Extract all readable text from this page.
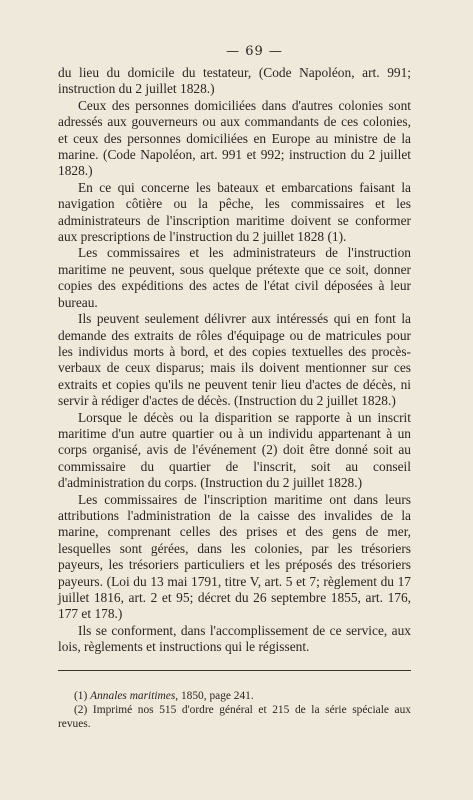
— 69 —

du lieu du domicile du testateur, (Code Napoléon, art. 991; instruction du 2 juillet 1828.)

Ceux des personnes domiciliées dans d'autres colonies sont adressés aux gouverneurs ou aux commandants de ces colonies, et ceux des personnes domiciliées en Europe au ministre de la marine. (Code Napoléon, art. 991 et 992; instruction du 2 juillet 1828.)

En ce qui concerne les bateaux et embarcations faisant la navigation côtière ou la pêche, les commissaires et les administrateurs de l'inscription maritime doivent se conformer aux prescriptions de l'instruction du 2 juillet 1828 (1).

Les commissaires et les administrateurs de l'instruction maritime ne peuvent, sous quelque prétexte que ce soit, donner copies des expéditions des actes de l'état civil déposées à leur bureau.

Ils peuvent seulement délivrer aux intéressés qui en font la demande des extraits de rôles d'équipage ou de matricules pour les individus morts à bord, et des copies textuelles des procès-verbaux de ceux disparus; mais ils doivent mentionner sur ces extraits et copies qu'ils ne peuvent tenir lieu d'actes de décès, ni servir à rédiger d'actes de décès. (Instruction du 2 juillet 1828.)

Lorsque le décès ou la disparition se rapporte à un inscrit maritime d'un autre quartier ou à un individu appartenant à un corps organisé, avis de l'événement (2) doit être donné soit au commissaire du quartier de l'inscrit, soit au conseil d'administration du corps. (Instruction du 2 juillet 1828.)

Les commissaires de l'inscription maritime ont dans leurs attributions l'administration de la caisse des invalides de la marine, comprenant celles des prises et des gens de mer, lesquelles sont gérées, dans les colonies, par les trésoriers payeurs, les trésoriers particuliers et les préposés des trésoriers payeurs. (Loi du 13 mai 1791, titre V, art. 5 et 7; règlement du 17 juillet 1816, art. 2 et 95; décret du 26 septembre 1855, art. 176, 177 et 178.)

Ils se conforment, dans l'accomplissement de ce service, aux lois, règlements et instructions qui le régissent.

(1) Annales maritimes, 1850, page 241.

(2) Imprimé nos 515 d'ordre général et 215 de la série spéciale aux revues.
